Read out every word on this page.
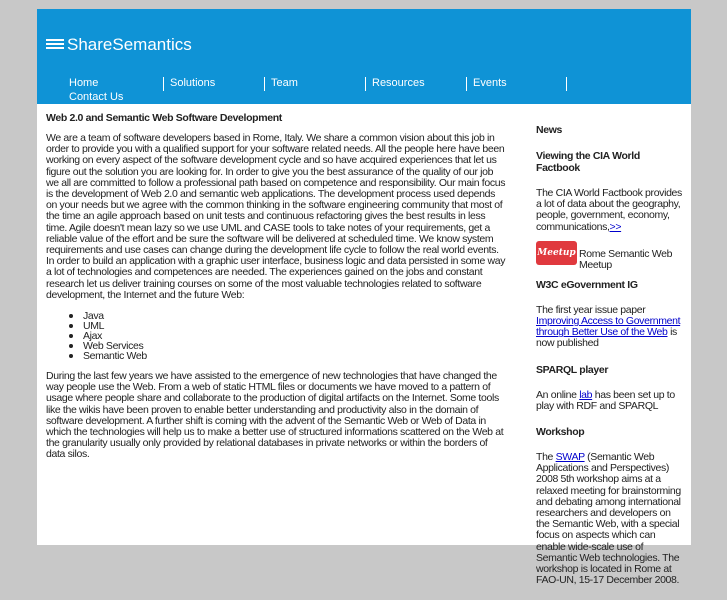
ShareSemantics
Home	Solutions	Team	Resources	Events
Contact Us
Web 2.0 and Semantic Web Software Development

We are a team of software developers based in Rome, Italy. We share a common vision about this job in order to provide you with a qualified support for your software related needs. All the people here have been working on every aspect of the software development cycle and so have acquired experiences that let us figure out the solution you are looking for. In order to give you the best assurance of the quality of our job we all are committed to follow a professional path based on competence and responsibility. Our main focus is the development of Web 2.0 and semantic web applications. The development process used depends on your needs but we agree with the common thinking in the software engineering community that most of the time an agile approach based on unit tests and continuous refactoring gives the best results in less time. Agile doesn't mean lazy so we use UML and CASE tools to take notes of your requirements, get a reliable value of the effort and be sure the software will be delivered at scheduled time. We know system requirements and use cases can change during the development life cycle to follow the real world events. In order to build an application with a graphic user interface, business logic and data persisted in some way a lot of technologies and competences are needed. The experiences gained on the jobs and constant research let us deliver training courses on some of the most valuable technologies related to software development, the Internet and the future Web:

Java
UML
Ajax
Web Services
Semantic Web

During the last few years we have assisted to the emergence of new technologies that have changed the way people use the Web. From a web of static HTML files or documents we have moved to a pattern of usage where people share and collaborate to the production of digital artifacts on the Internet. Some tools like the wikis have been proven to enable better understanding and productivity also in the domain of software development. A further shift is coming with the advent of the Semantic Web or Web of Data in which the technologies will help us to make a better use of structured informations scattered on the Web at the granularity usually only provided by relational databases in private networks or within the borders of data silos.

News
Viewing the CIA World Factbook

The CIA World Factbook provides a lot of data about the geography, people, government, economy, communications,>>

Meetup Rome Semantic Web Meetup
W3C eGovernment IG

The first year issue paper Improving Access to Government through Better Use of the Web is now published

SPARQL player

An online lab has been set up to play with RDF and SPARQL

Workshop

The SWAP (Semantic Web Applications and Perspectives) 2008 5th workshop aims at a relaxed meeting for brainstorming and debating among international researchers and developers on the Semantic Web, with a special focus on aspects which can enable wide-scale use of Semantic Web technologies. The workshop is located in Rome at FAO-UN, 15-17 December 2008.
